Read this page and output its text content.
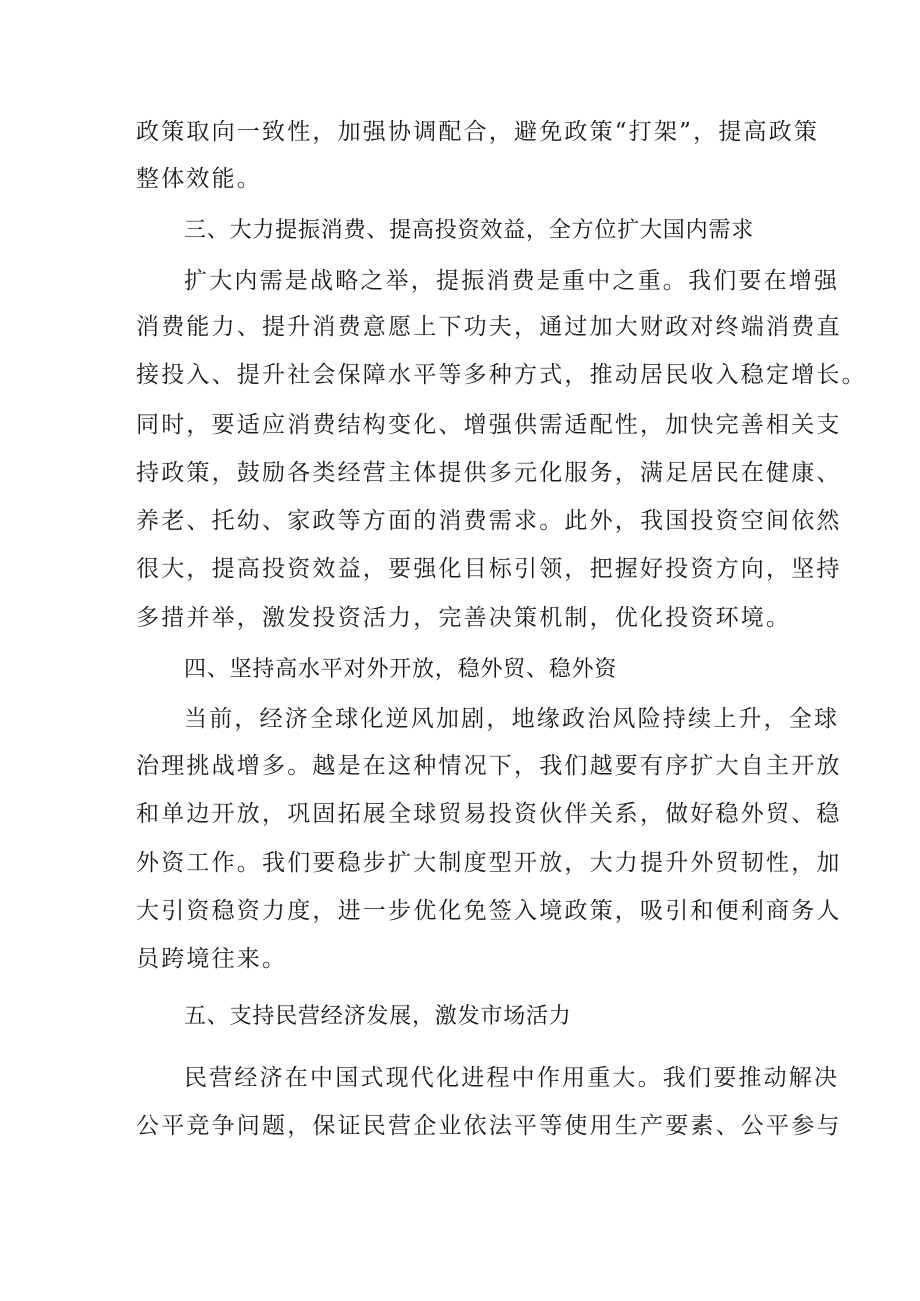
政策取向一致性，加强协调配合，避免政策“打架”，提高政策
整体效能。
三、大力提振消费、提高投资效益，全方位扩大国内需求
扩大内需是战略之举，提振消费是重中之重。我们要在增强
消费能力、提升消费意愿上下功夫，通过加大财政对终端消费直
接投入、提升社会保障水平等多种方式，推动居民收入稳定增长。
同时，要适应消费结构变化、增强供需适配性，加快完善相关支
持政策，鼓励各类经营主体提供多元化服务，满足居民在健康、
养老、托幼、家政等方面的消费需求。此外，我国投资空间依然
很大，提高投资效益，要强化目标引领，把握好投资方向，坚持
多措并举，激发投资活力，完善决策机制，优化投资环境。
四、坚持高水平对外开放，稳外贸、稳外资
当前，经济全球化逆风加剧，地缘政治风险持续上升，全球
治理挑战增多。越是在这种情况下，我们越要有序扩大自主开放
和单边开放，巩固拓展全球贸易投资伙伴关系，做好稳外贸、稳
外资工作。我们要稳步扩大制度型开放，大力提升外贸韧性，加
大引资稳资力度，进一步优化免签入境政策，吸引和便利商务人
员跨境往来。
五、支持民营经济发展，激发市场活力
民营经济在中国式现代化进程中作用重大。我们要推动解决
公平竞争问题，保证民营企业依法平等使用生产要素、公平参与
